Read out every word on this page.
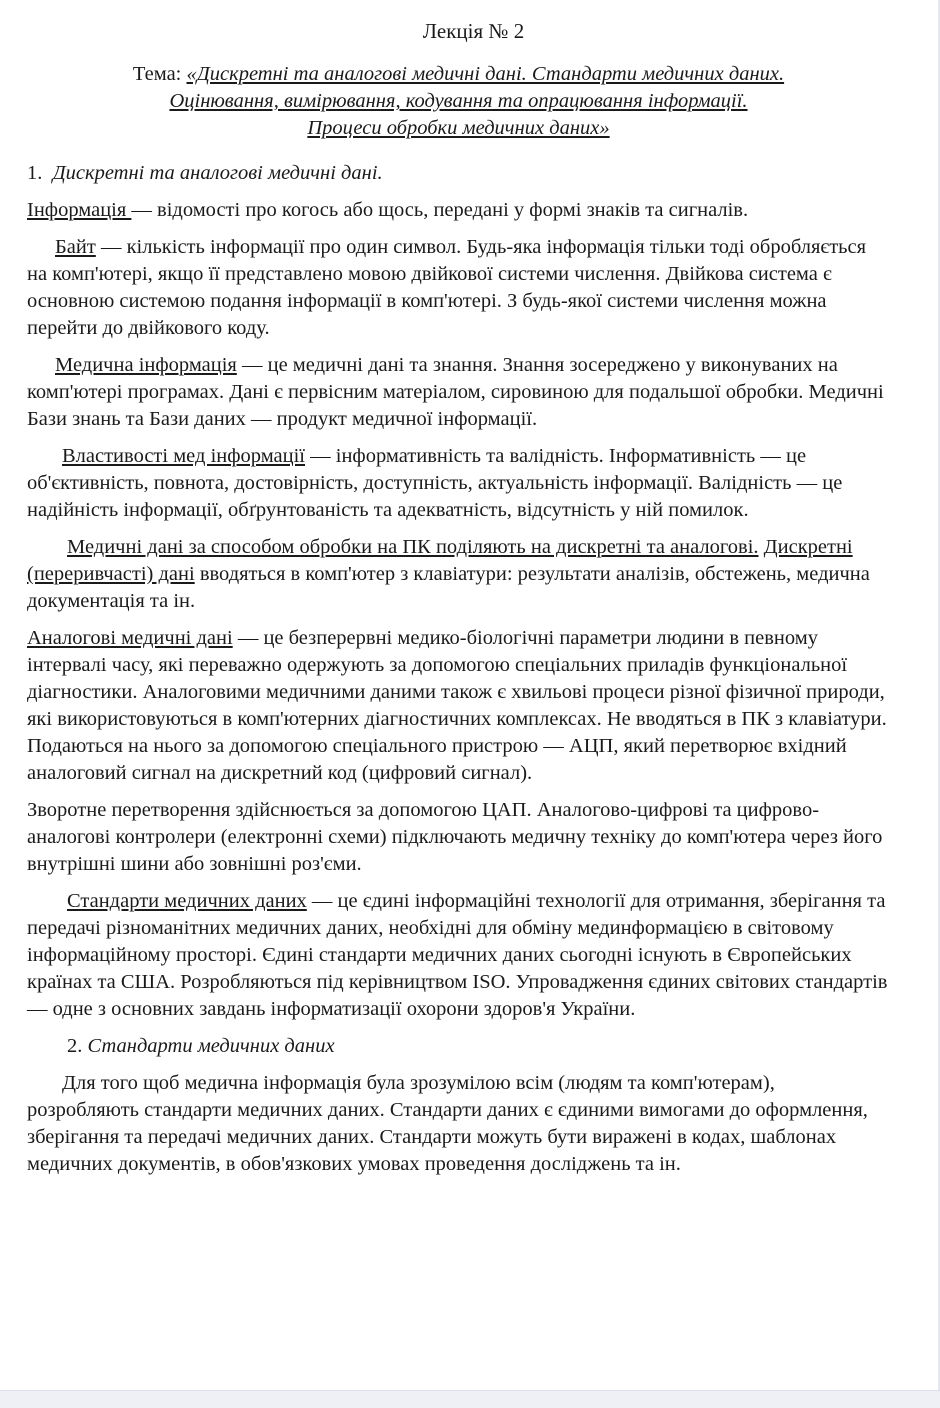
Лекція № 2
Тема: «Дискретні та аналогові медичні дані. Стандарти медичних даних.
Оцінювання, вимірювання, кодування та опрацювання інформації.
Процеси обробки медичних даних»

1. Дискретні та аналогові медичні дані.

Інформація — відомості про когось або щось, передані у формі знаків та сигналів.

Байт — кількість інформації про один символ. Будь-яка інформація тільки тоді обробляється на комп'ютері, якщо її представлено мовою двійкової системи числення. Двійкова система є основною системою подання інформації в комп'ютері. З будь-якої системи числення можна перейти до двійкового коду.

Медична інформація — це медичні дані та знання. Знання зосереджено у виконуваних на комп'ютері програмах. Дані є первісним матеріалом, сировиною для подальшої обробки. Медичні Бази знань та Бази даних — продукт медичної інформації.

Властивості мед інформації — інформативність та валідність. Інформативність — це об'єктивність, повнота, достовірність, доступність, актуальність інформації. Валідність — це надійність інформації, обґрунтованість та адекватність, відсутність у ній помилок.

Медичні дані за способом обробки на ПК поділяють на дискретні та аналогові. Дискретні (переривчасті) дані вводяться в комп'ютер з клавіатури: результати аналізів, обстежень, медична документація та ін.

Аналогові медичні дані — це безперервні медико-біологічні параметри людини в певному інтервалі часу, які переважно одержують за допомогою спеціальних приладів функціональної діагностики. Аналоговими медичними даними також є хвильові процеси різної фізичної природи, які використовуються в комп'ютерних діагностичних комплексах. Не вводяться в ПК з клавіатури. Подаються на нього за допомогою спеціального пристрою — АЦП, який перетворює вхідний аналоговий сигнал на дискретний код (цифровий сигнал).

Зворотне перетворення здійснюється за допомогою ЦАП. Аналогово-цифрові та цифрово-аналогові контролери (електронні схеми) підключають медичну техніку до комп'ютера через його внутрішні шини або зовнішні роз'єми.

Стандарти медичних даних — це єдині інформаційні технології для отримання, зберігання та передачі різноманітних медичних даних, необхідні для обміну мединформацією в світовому інформаційному просторі. Єдині стандарти медичних даних сьогодні існують в Європейських країнах та США. Розробляються під керівництвом ISO. Упровадження єдиних світових стандартів — одне з основних завдань інформатизації охорони здоров'я України.

2. Стандарти медичних даних

Для того щоб медична інформація була зрозумілою всім (людям та комп'ютерам), розробляють стандарти медичних даних. Стандарти даних є єдиними вимогами до оформлення, зберігання та передачі медичних даних. Стандарти можуть бути виражені в кодах, шаблонах медичних документів, в обов'язкових умовах проведення досліджень та ін.
